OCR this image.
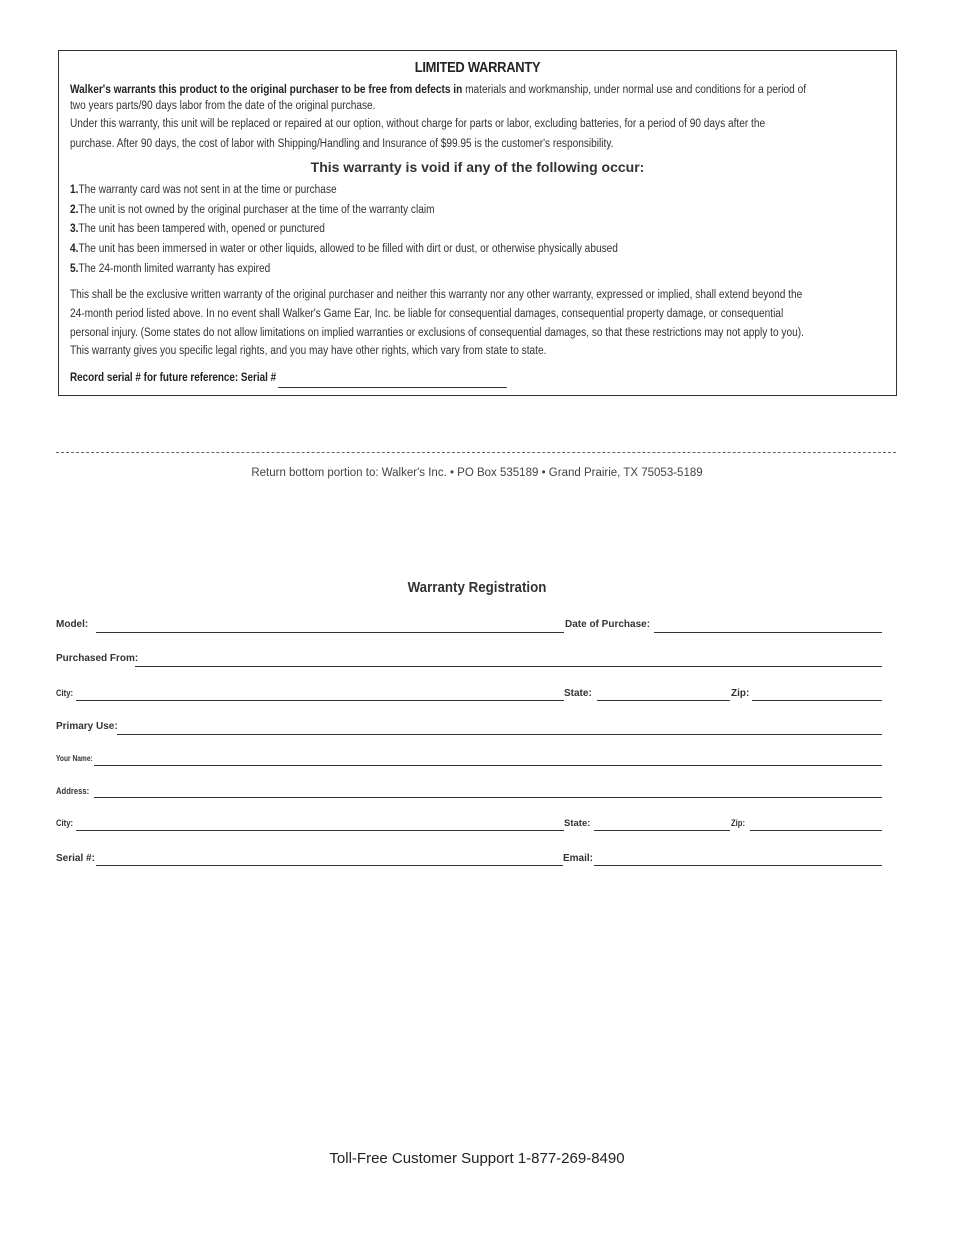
LIMITED WARRANTY
Walker's warrants this product to the original purchaser to be free from defects in materials and workmanship, under normal use and conditions for a period of
two years parts/90 days labor from the date of the original purchase.
Under this warranty, this unit will be replaced or repaired at our option, without charge for parts or labor, excluding batteries, for a period of 90 days after the
purchase. After 90 days, the cost of labor with Shipping/Handling and Insurance of $99.95 is the customer's responsibility.
This warranty is void if any of the following occur:
1.The warranty card was not sent in at the time or purchase
2.The unit is not owned by the original purchaser at the time of the warranty claim
3.The unit has been tampered with, opened or punctured
4.The unit has been immersed in water or other liquids, allowed to be filled with dirt or dust, or otherwise physically abused
5.The 24-month limited warranty has expired
This shall be the exclusive written warranty of the original purchaser and neither this warranty nor any other warranty, expressed or implied, shall extend beyond the
24-month period listed above. In no event shall Walker's Game Ear, Inc. be liable for consequential damages, consequential property damage, or consequential
personal injury. (Some states do not allow limitations on implied warranties or exclusions of consequential damages, so that these restrictions may not apply to you).
This warranty gives you specific legal rights, and you may have other rights, which vary from state to state.
Record serial # for future reference: Serial #
Return bottom portion to: Walker's Inc. • PO Box 535189 • Grand Prairie, TX 75053-5189
Warranty Registration
Model:	Date of Purchase:
Purchased From:
City:	State:	Zip:
Primary Use:
Your Name:
Address:
City:	State:	Zip:
Serial #:	Email:
Toll-Free Customer Support 1-877-269-8490
